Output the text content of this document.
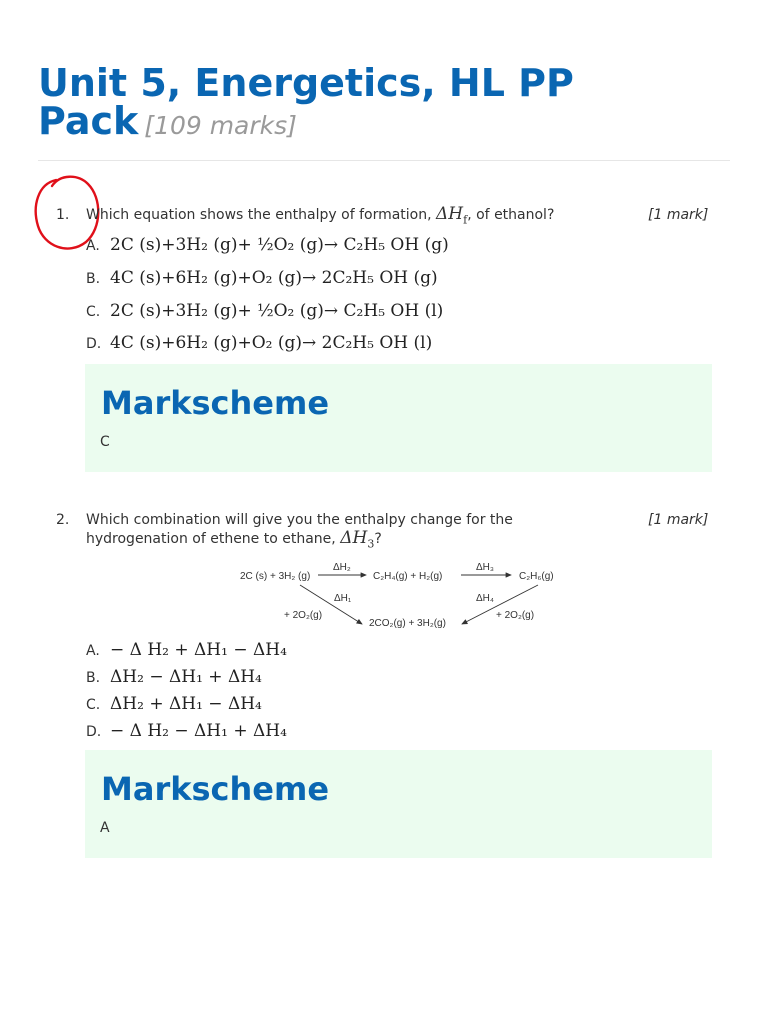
Unit 5, Energetics, HL PP Pack [109 marks]
1. Which equation shows the enthalpy of formation, $\Delta H_f$, of ethanol?	[1 mark]
A. 2C (s)+3H₂ (g)+ ½O₂ (g)→ C₂H₅ OH (g)
B. 4C (s)+6H₂ (g)+O₂ (g)→ 2C₂H₅ OH (g)
C. 2C (s)+3H₂ (g)+ ½O₂ (g)→ C₂H₅ OH (l)
D. 4C (s)+6H₂ (g)+O₂ (g)→ 2C₂H₅ OH (l)
Markscheme
C
2. Which combination will give you the enthalpy change for the
hydrogenation of ethene to ethane, $\Delta H_3$?
[1 mark]
2C (s) + 3H₂ (g)	C₂H₄(g) + H₂(g)	C₂H₆(g)
2CO₂(g) + 3H₂(g)
ΔH₂	ΔH₃
ΔH₁	ΔH₄
+ 2O₂(g)	+ 2O₂(g)
A. − Δ H₂ + ΔH₁ − ΔH₄
B. ΔH₂ − ΔH₁ + ΔH₄
C. ΔH₂ + ΔH₁ − ΔH₄
D. − Δ H₂ − ΔH₁ + ΔH₄
Markscheme
A
